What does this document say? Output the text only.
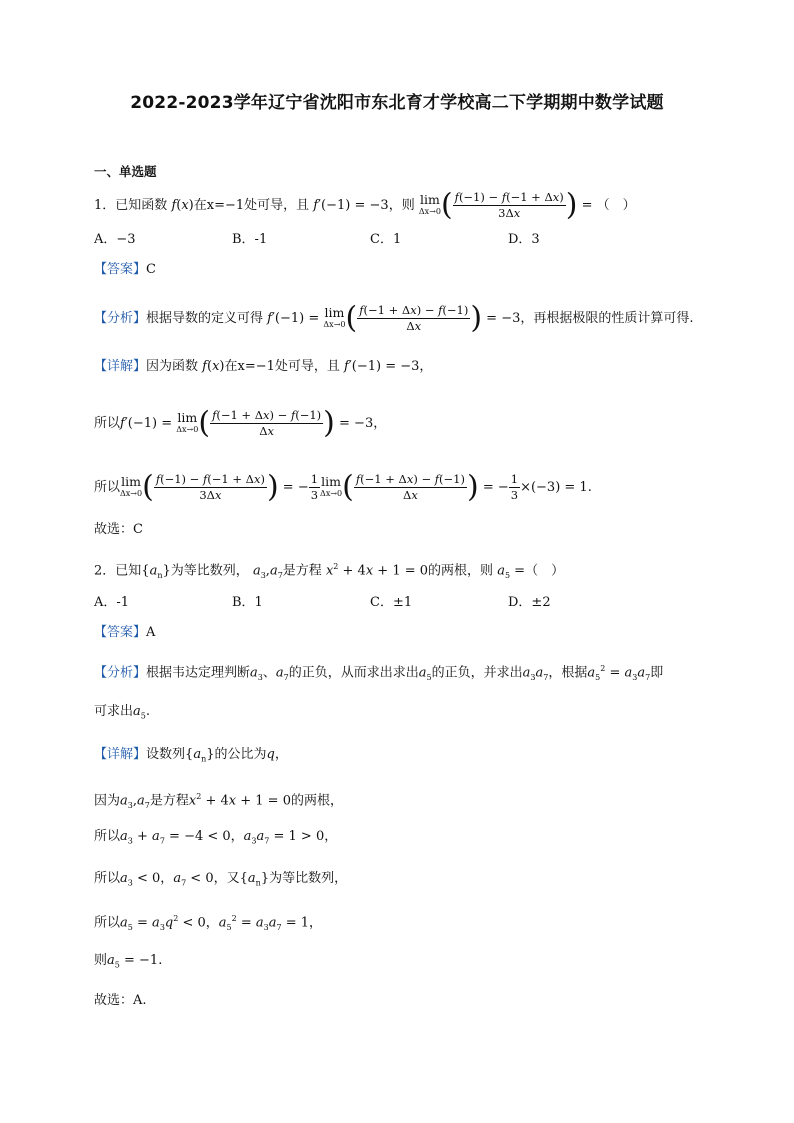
2022-2023学年辽宁省沈阳市东北育才学校高二下学期期中数学试题
一、单选题
1．已知函数 f(x)在x=−1处可导，且 f′(−1) = −3，则 lim
Δx→0 ( $\frac{f(-1) - f(-1 + \Delta x)}{3\Delta x}$ ) = （　）
A．−3	B．-1	C．1	D．3
【答案】C
【分析】根据导数的定义可得 f′(−1) = lim
Δx→0 ( $\frac{f(-1 + \Delta x) - f(-1)}{\Delta x}$ ) = −3，再根据极限的性质计算可得.
【详解】因为函数 f(x)在x=−1处可导，且 f′(−1) = −3，
所以f′(−1) = lim
Δx→0 ( $\frac{f(-1 + \Delta x) - f(-1)}{\Delta x}$ ) = −3，
所以 lim
Δx→0 ( $\frac{f(-1) - f(-1 + \Delta x)}{3\Delta x}$ ) = − $\frac{1}{3}$ lim
Δx→0 ( $\frac{f(-1 + \Delta x) - f(-1)}{\Delta x}$ ) = − $\frac{1}{3} \times(-3) = 1$.
故选：C
2．已知$\{a_n\}$为等比数列， $a_3,a_7$是方程 $x^2 + 4x + 1 = 0$的两根，则 $a_5$ =（　）
A．-1	B．1	C．±1	D．±2
【答案】A
【分析】根据韦达定理判断$a_3$、$a_7$的正负，从而求出求出$a_5$的正负，并求出$a_3a_7$，根据$a_5^2 = a_3a_7$即
可求出$a_5$.
【详解】设数列$\{a_n\}$的公比为q，
因为$a_3,a_7$是方程$x^2 + 4x + 1 = 0$的两根，
所以$a_3 + a_7 = -4 < 0$，$a_3a_7 = 1 > 0$，
所以$a_3 < 0$，$a_7 < 0$，又$\{a_n\}$为等比数列，
所以$a_5 = a_3q^2 < 0$，$a_5^2 = a_3a_7 = 1$，
则$a_5 = -1$.
故选：A.
